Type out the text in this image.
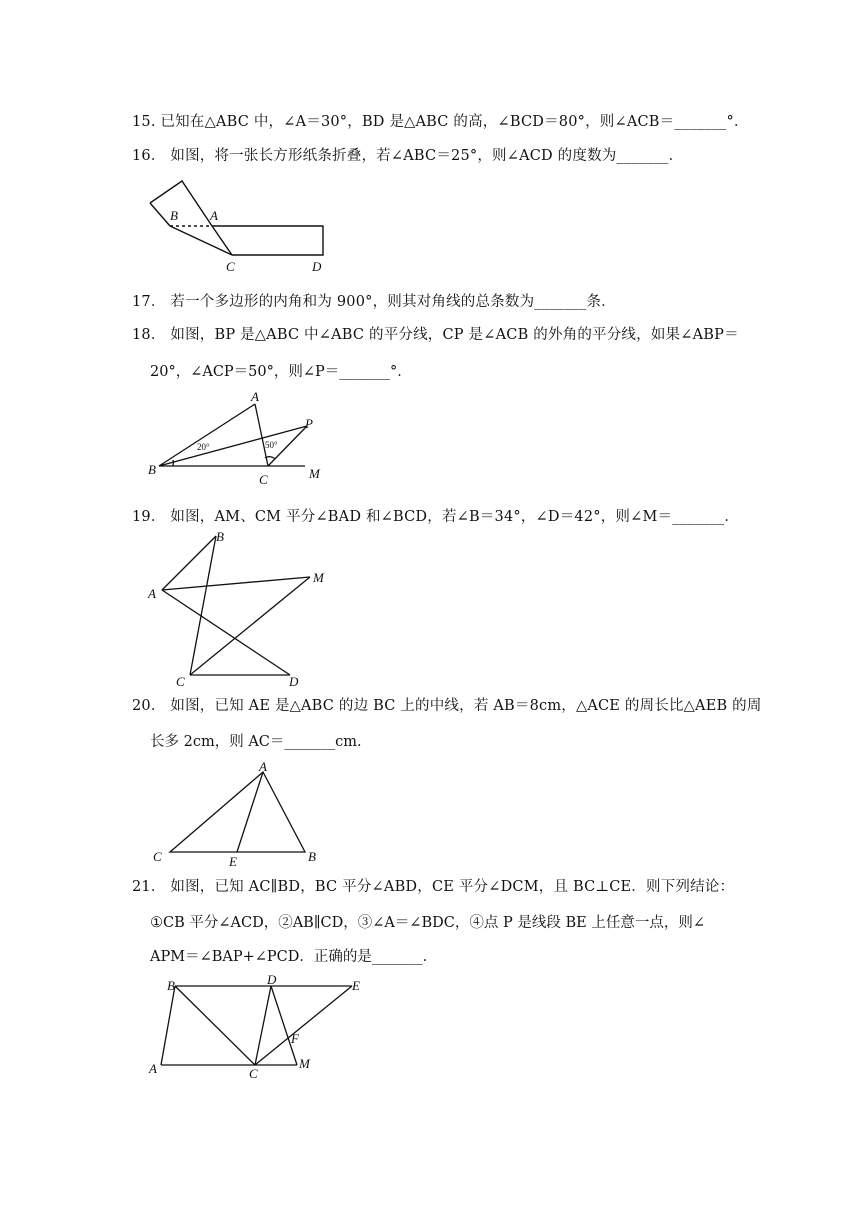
15. 已知在△ABC 中，∠A＝30°，BD 是△ABC 的高，∠BCD＝80°，则∠ACB＝_______°．
16． 如图，将一张长方形纸条折叠，若∠ABC＝25°，则∠ACD 的度数为_______．
B A
C	D
17． 若一个多边形的内角和为 900°，则其对角线的总条数为_______条．
18． 如图，BP 是△ABC 中∠ABC 的平分线，CP 是∠ACB 的外角的平分线，如果∠ABP＝
20°，∠ACP＝50°，则∠P＝_______°．
A
P
B
C	M
20°	50°
19． 如图，AM、CM 平分∠BAD 和∠BCD，若∠B＝34°，∠D＝42°，则∠M＝_______．
B
A
M
C	D
20． 如图，已知 AE 是△ABC 的边 BC 上的中线，若 AB＝8cm，△ACE 的周长比△AEB 的周
长多 2cm，则 AC＝_______cm．
A
C	E	B
21． 如图，已知 AC∥BD，BC 平分∠ABD，CE 平分∠DCM，且 BC⊥CE．则下列结论：
①CB 平分∠ACD，②AB∥CD，③∠A＝∠BDC，④点 P 是线段 BE 上任意一点，则∠
APM＝∠BAP+∠PCD．正确的是_______．
B	D	E
F
A	C
M
